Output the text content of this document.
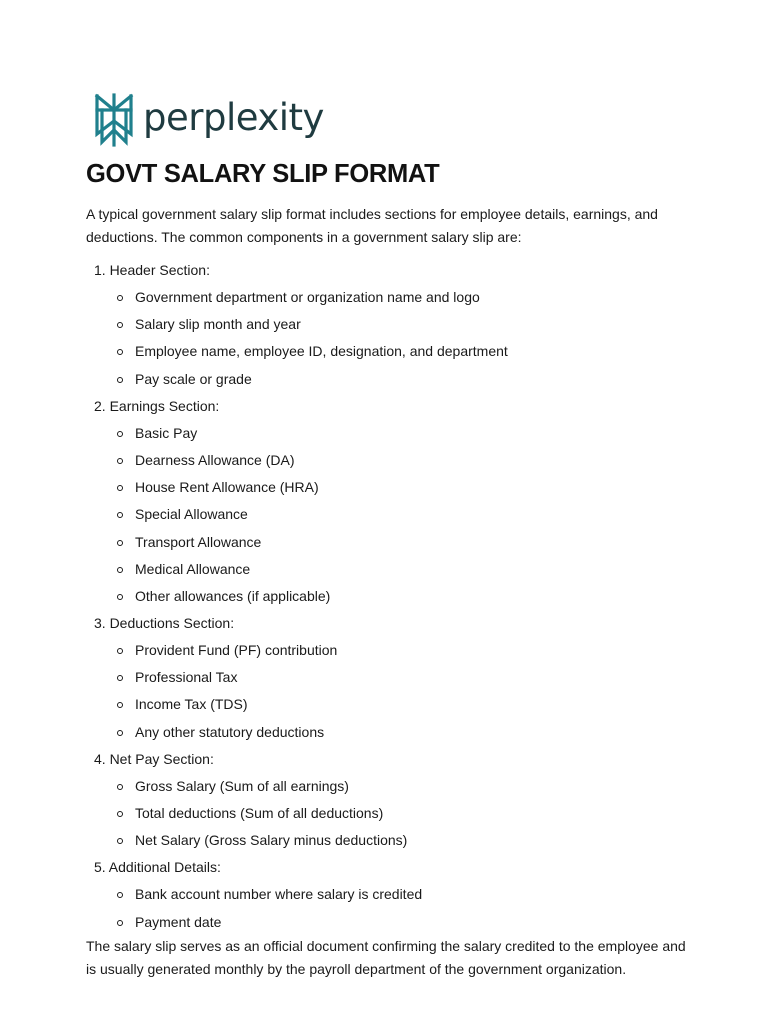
perplexity
GOVT SALARY SLIP FORMAT

A typical government salary slip format includes sections for employee details, earnings, and deductions. The common components in a government salary slip are:

1. Header Section:
Government department or organization name and logo
Salary slip month and year
Employee name, employee ID, designation, and department
Pay scale or grade
2. Earnings Section:
Basic Pay
Dearness Allowance (DA)
House Rent Allowance (HRA)
Special Allowance
Transport Allowance
Medical Allowance
Other allowances (if applicable)
3. Deductions Section:
Provident Fund (PF) contribution
Professional Tax
Income Tax (TDS)
Any other statutory deductions
4. Net Pay Section:
Gross Salary (Sum of all earnings)
Total deductions (Sum of all deductions)
Net Salary (Gross Salary minus deductions)
5. Additional Details:
Bank account number where salary is credited
Payment date

The salary slip serves as an official document confirming the salary credited to the employee and is usually generated monthly by the payroll department of the government organization.
